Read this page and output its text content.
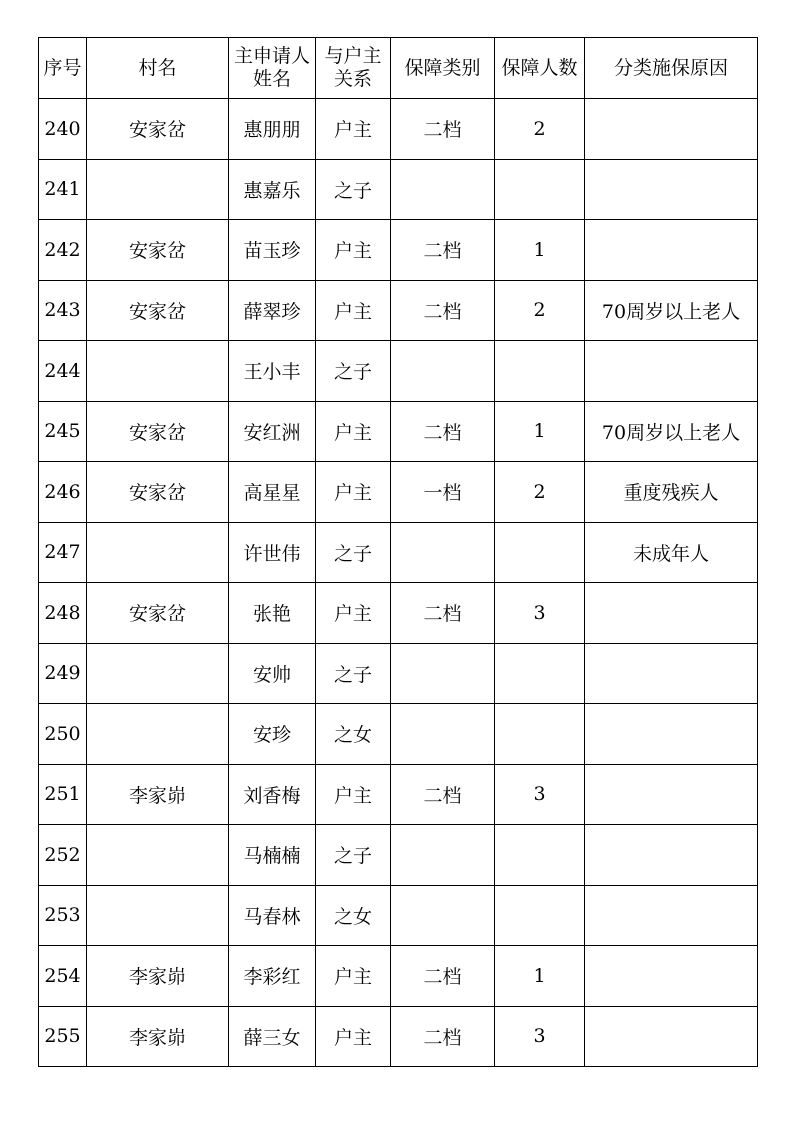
序号	村名	主申请人姓名	与户主关系	保障类别	保障人数	分类施保原因
240	安家岔	惠朋朋	户主	二档	2	
241		惠嘉乐	之子			
242	安家岔	苗玉珍	户主	二档	1	
243	安家岔	薛翠珍	户主	二档	2	70周岁以上老人
244		王小丰	之子			
245	安家岔	安红洲	户主	二档	1	70周岁以上老人
246	安家岔	高星星	户主	一档	2	重度残疾人
247		许世伟	之子			未成年人
248	安家岔	张艳	户主	二档	3	
249		安帅	之子			
250		安珍	之女			
251	李家峁	刘香梅	户主	二档	3	
252		马楠楠	之子			
253		马春林	之女			
254	李家峁	李彩红	户主	二档	1	
255	李家峁	薛三女	户主	二档	3	
